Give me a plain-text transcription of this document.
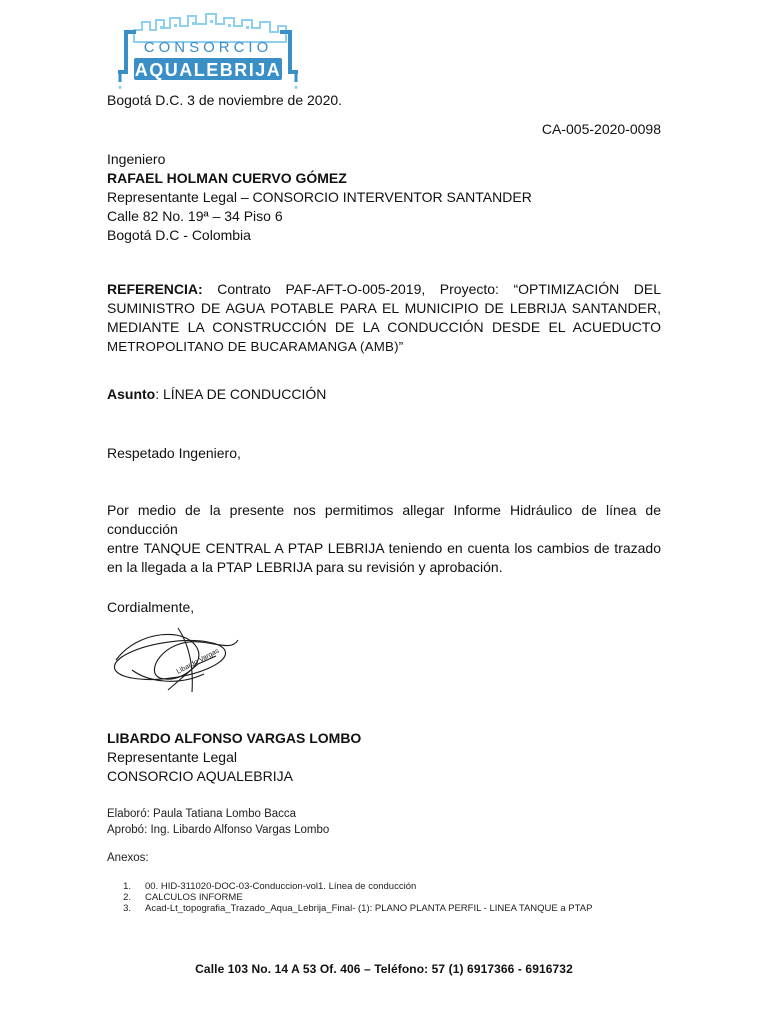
CONSORCIO
AQUALEBRIJA
Bogotá D.C. 3 de noviembre de 2020.
CA-005-2020-0098
Ingeniero
RAFAEL HOLMAN CUERVO GÓMEZ
Representante Legal – CONSORCIO INTERVENTOR SANTANDER
Calle 82 No. 19ª – 34 Piso 6
Bogotá D.C - Colombia
REFERENCIA: Contrato PAF-AFT-O-005-2019, Proyecto: “OPTIMIZACIÓN DEL
SUMINISTRO DE AGUA POTABLE PARA EL MUNICIPIO DE LEBRIJA SANTANDER,
MEDIANTE LA CONSTRUCCIÓN DE LA CONDUCCIÓN DESDE EL ACUEDUCTO
METROPOLITANO DE BUCARAMANGA (AMB)”
Asunto: LÍNEA DE CONDUCCIÓN
Respetado Ingeniero,
Por medio de la presente nos permitimos allegar Informe Hidráulico de línea de conducción
entre TANQUE CENTRAL A PTAP LEBRIJA teniendo en cuenta los cambios de trazado
en la llegada a la PTAP LEBRIJA para su revisión y aprobación.
Cordialmente,
Libardo Vargas
LIBARDO ALFONSO VARGAS LOMBO
Representante Legal
CONSORCIO AQUALEBRIJA
Elaboró: Paula Tatiana Lombo Bacca
Aprobó: Ing. Libardo Alfonso Vargas Lombo
Anexos:
1. 00. HID-311020-DOC-03-Conduccion-vol1. Línea de conducción
2. CALCULOS INFORME
3. Acad-Lt_topografia_Trazado_Aqua_Lebrija_Final- (1): PLANO PLANTA PERFIL - LINEA TANQUE a PTAP
Calle 103 No. 14 A 53 Of. 406 – Teléfono: 57 (1) 6917366 - 6916732
